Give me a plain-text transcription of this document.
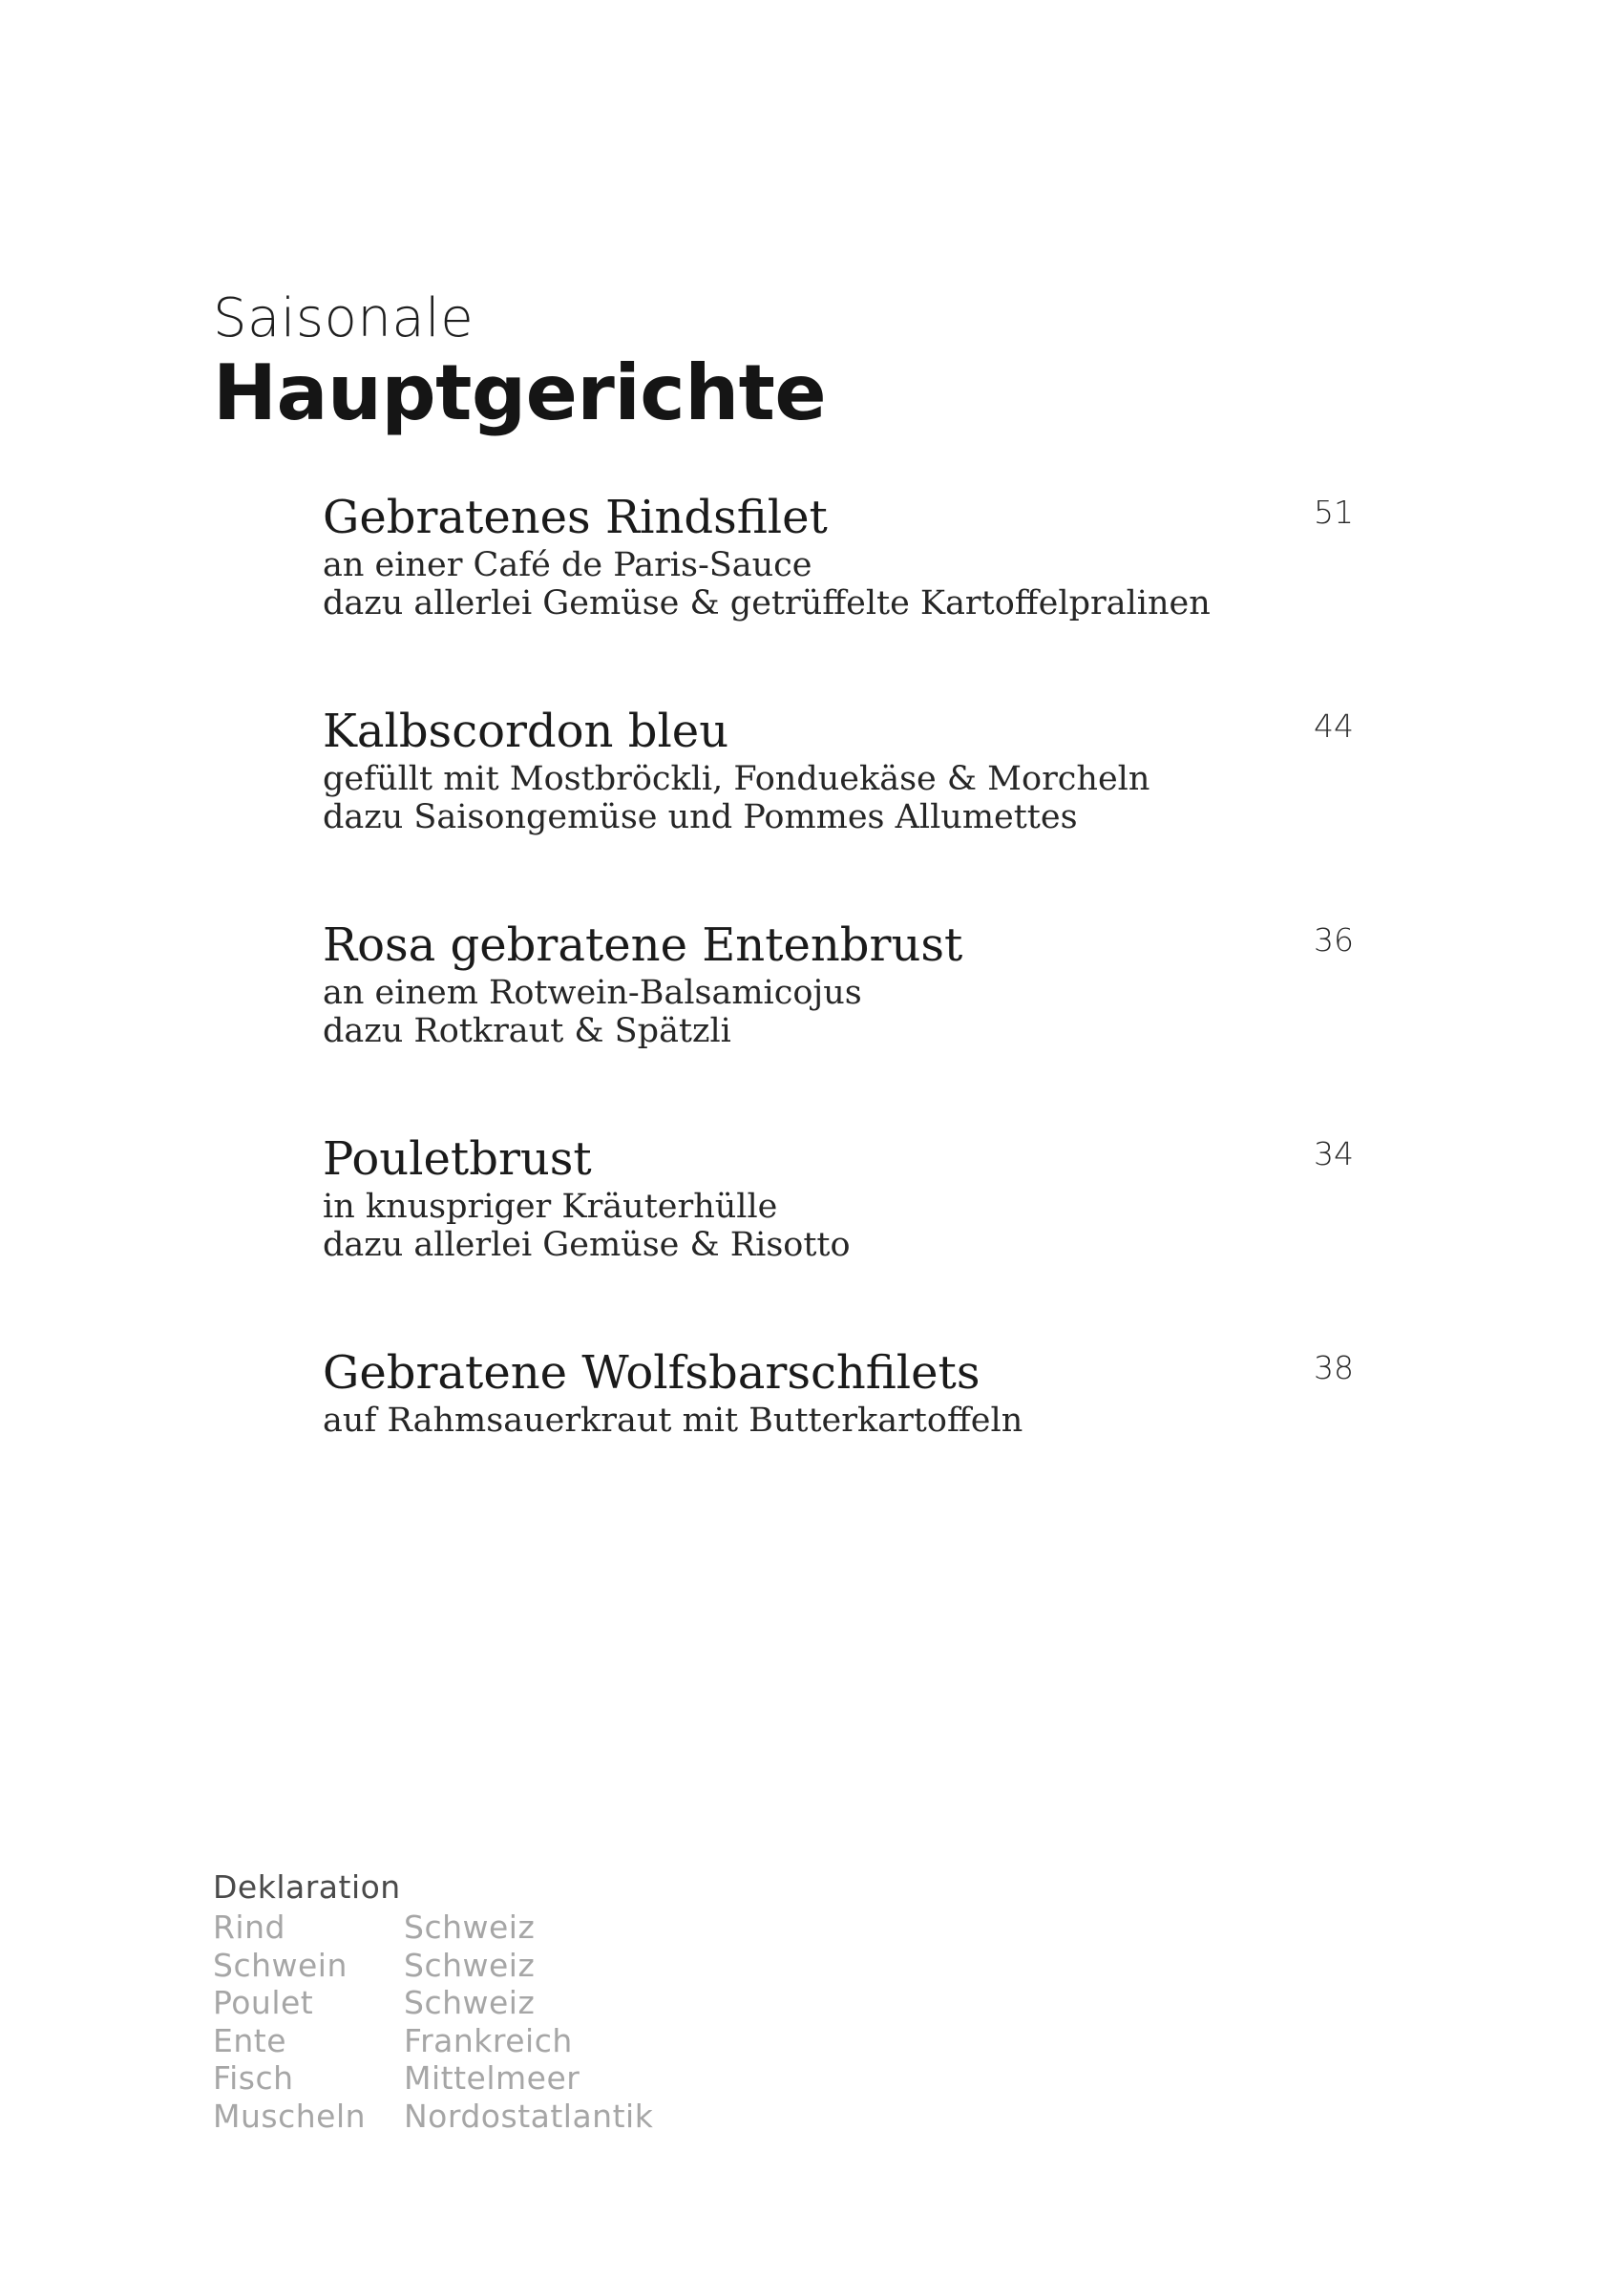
Saisonale
Hauptgerichte
Gebratenes Rindsfilet
an einer Café de Paris-Sauce
dazu allerlei Gemüse & getrüffelte Kartoffelpralinen
51
Kalbscordon bleu
gefüllt mit Mostbröckli, Fonduekäse & Morcheln
dazu Saisongemüse und Pommes Allumettes
44
Rosa gebratene Entenbrust
an einem Rotwein-Balsamicojus
dazu Rotkraut & Spätzli
36
Pouletbrust
in knuspriger Kräuterhülle
dazu allerlei Gemüse & Risotto
34
Gebratene Wolfsbarschfilets
auf Rahmsauerkraut mit Butterkartoffeln
38
Deklaration
Rind	Schweiz
Schwein	Schweiz
Poulet	Schweiz
Ente	Frankreich
Fisch	Mittelmeer
Muscheln	Nordostatlantik
